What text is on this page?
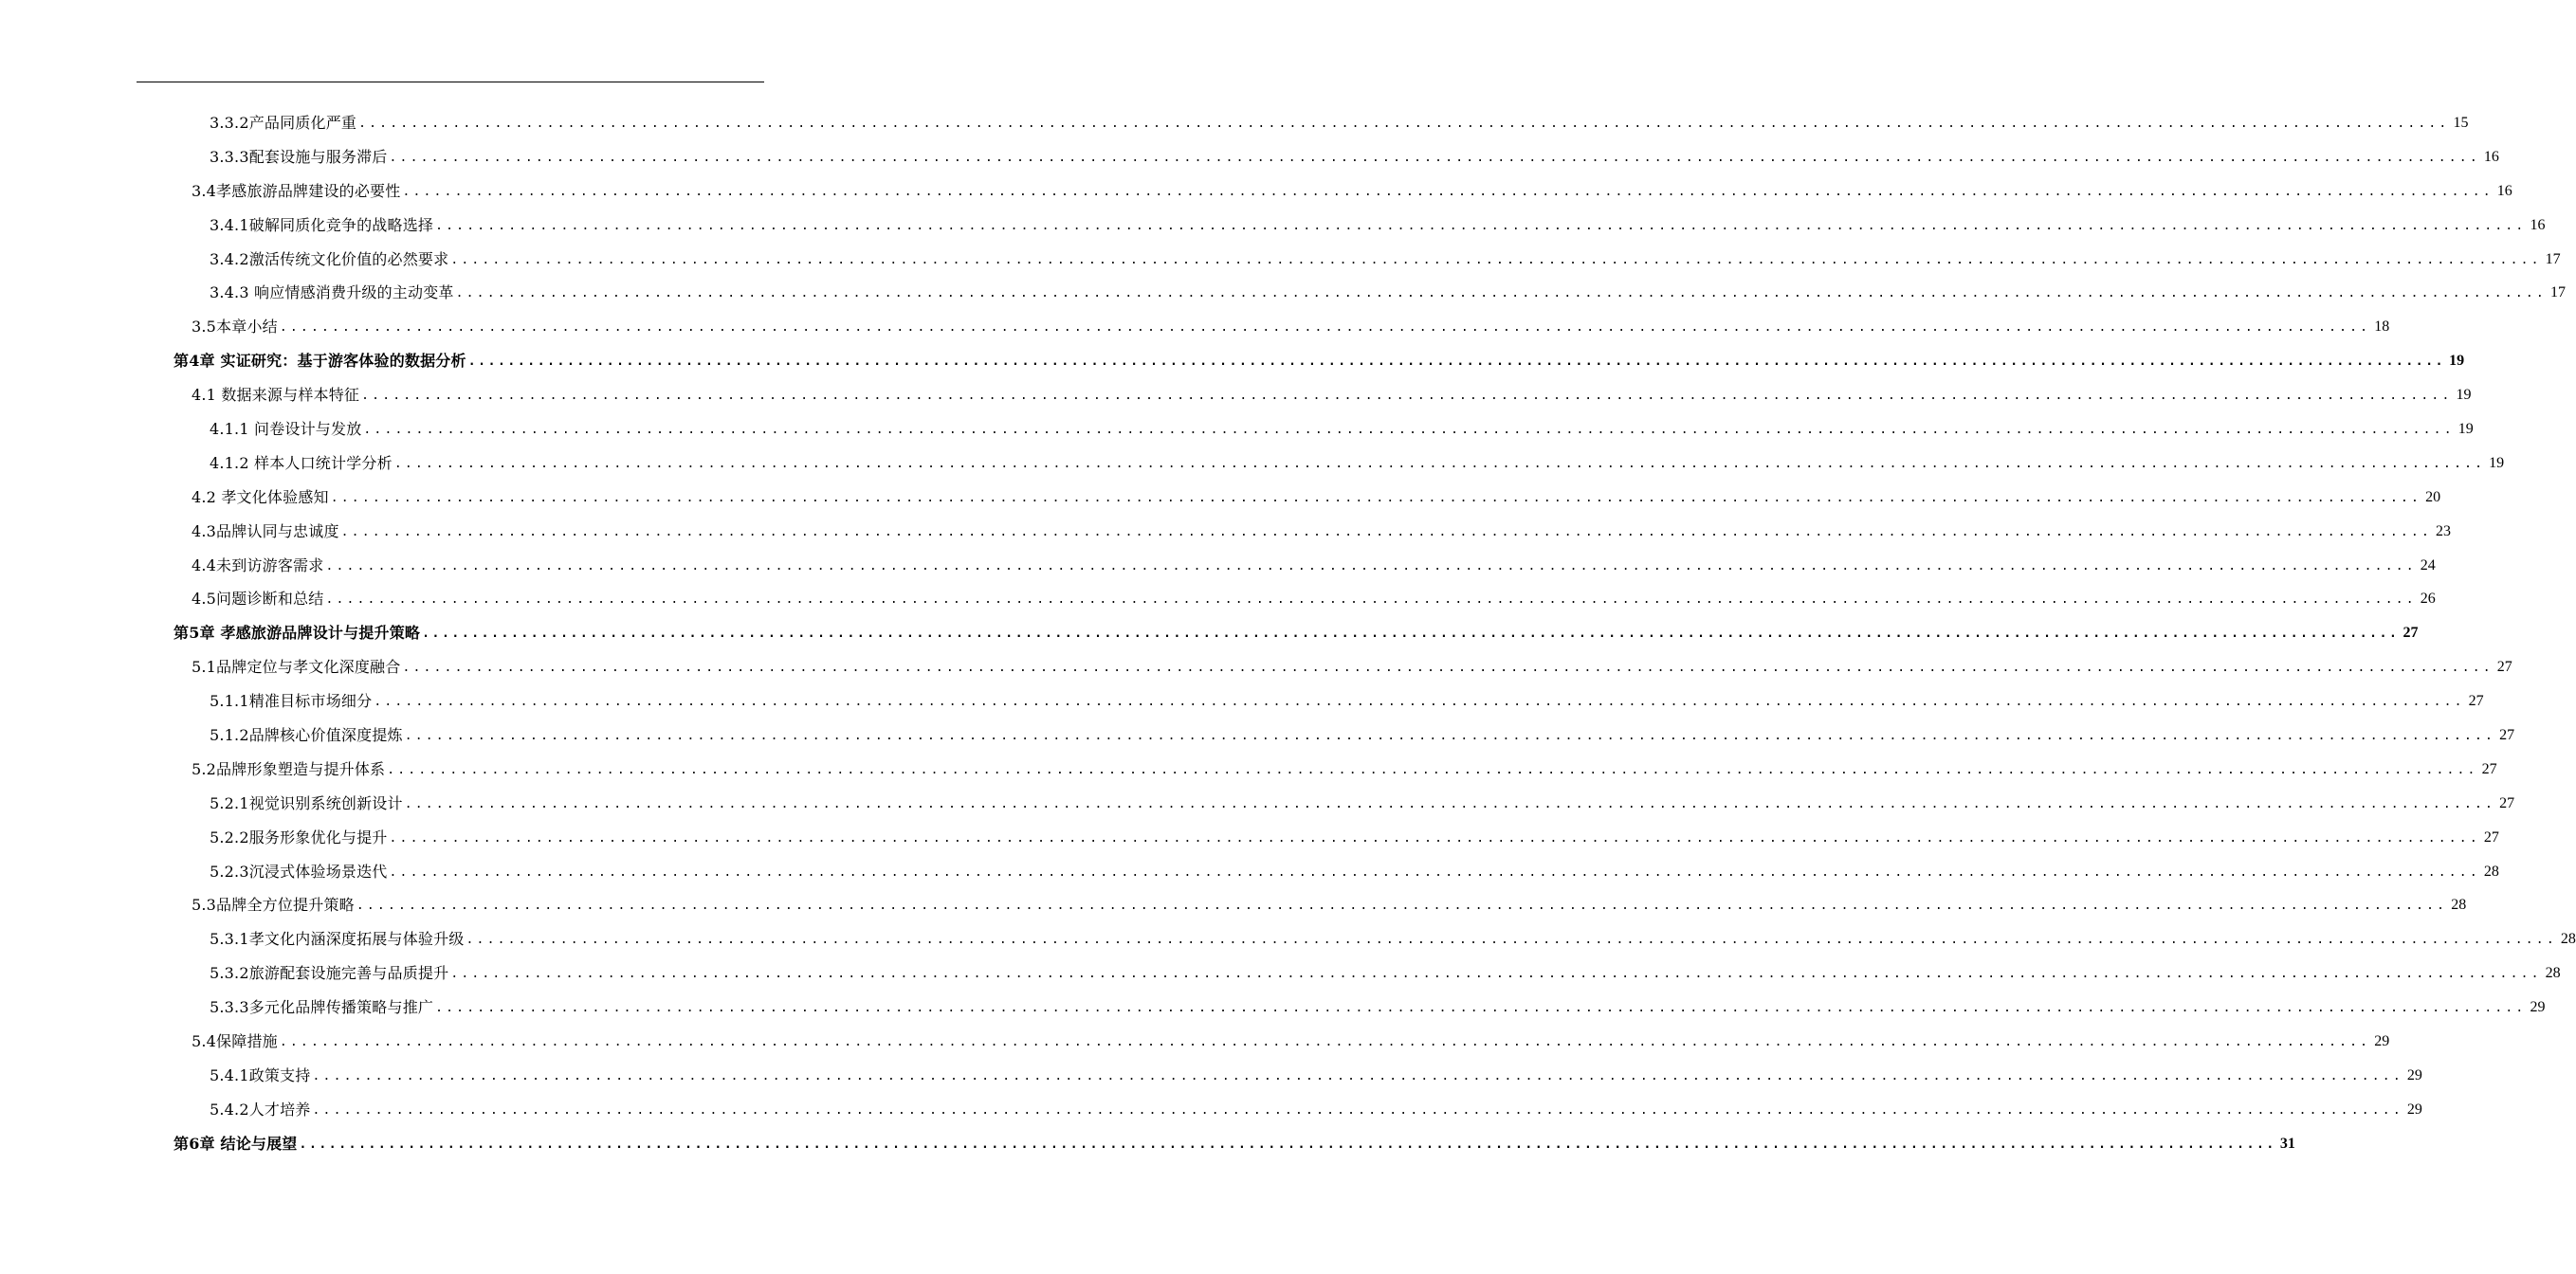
3.3.2产品同质化严重 ........................................................................................................................................................................................................ 15
3.3.3配套设施与服务滞后 ........................................................................................................................................................................................................ 16
3.4孝感旅游品牌建设的必要性 ........................................................................................................................................................................................................ 16
3.4.1破解同质化竞争的战略选择 ........................................................................................................................................................................................................ 16
3.4.2激活传统文化价值的必然要求 ........................................................................................................................................................................................................ 17
3.4.3 响应情感消费升级的主动变革 ........................................................................................................................................................................................................ 17
3.5本章小结 ........................................................................................................................................................................................................ 18
第4章 实证研究：基于游客体验的数据分析 ........................................................................................................................................................................................................ 19
4.1 数据来源与样本特征 ........................................................................................................................................................................................................ 19
4.1.1 问卷设计与发放 ........................................................................................................................................................................................................ 19
4.1.2 样本人口统计学分析 ........................................................................................................................................................................................................ 19
4.2 孝文化体验感知 ........................................................................................................................................................................................................ 20
4.3品牌认同与忠诚度 ........................................................................................................................................................................................................ 23
4.4未到访游客需求 ........................................................................................................................................................................................................ 24
4.5问题诊断和总结 ........................................................................................................................................................................................................ 26
第5章 孝感旅游品牌设计与提升策略 ........................................................................................................................................................................................................ 27
5.1品牌定位与孝文化深度融合 ........................................................................................................................................................................................................ 27
5.1.1精准目标市场细分 ........................................................................................................................................................................................................ 27
5.1.2品牌核心价值深度提炼 ........................................................................................................................................................................................................ 27
5.2品牌形象塑造与提升体系 ........................................................................................................................................................................................................ 27
5.2.1视觉识别系统创新设计 ........................................................................................................................................................................................................ 27
5.2.2服务形象优化与提升 ........................................................................................................................................................................................................ 27
5.2.3沉浸式体验场景迭代 ........................................................................................................................................................................................................ 28
5.3品牌全方位提升策略 ........................................................................................................................................................................................................ 28
5.3.1孝文化内涵深度拓展与体验升级 ........................................................................................................................................................................................................ 28
5.3.2旅游配套设施完善与品质提升 ........................................................................................................................................................................................................ 28
5.3.3多元化品牌传播策略与推广 ........................................................................................................................................................................................................ 29
5.4保障措施 ........................................................................................................................................................................................................ 29
5.4.1政策支持 ........................................................................................................................................................................................................ 29
5.4.2人才培养 ........................................................................................................................................................................................................ 29
第6章 结论与展望 ........................................................................................................................................................................................................ 31
